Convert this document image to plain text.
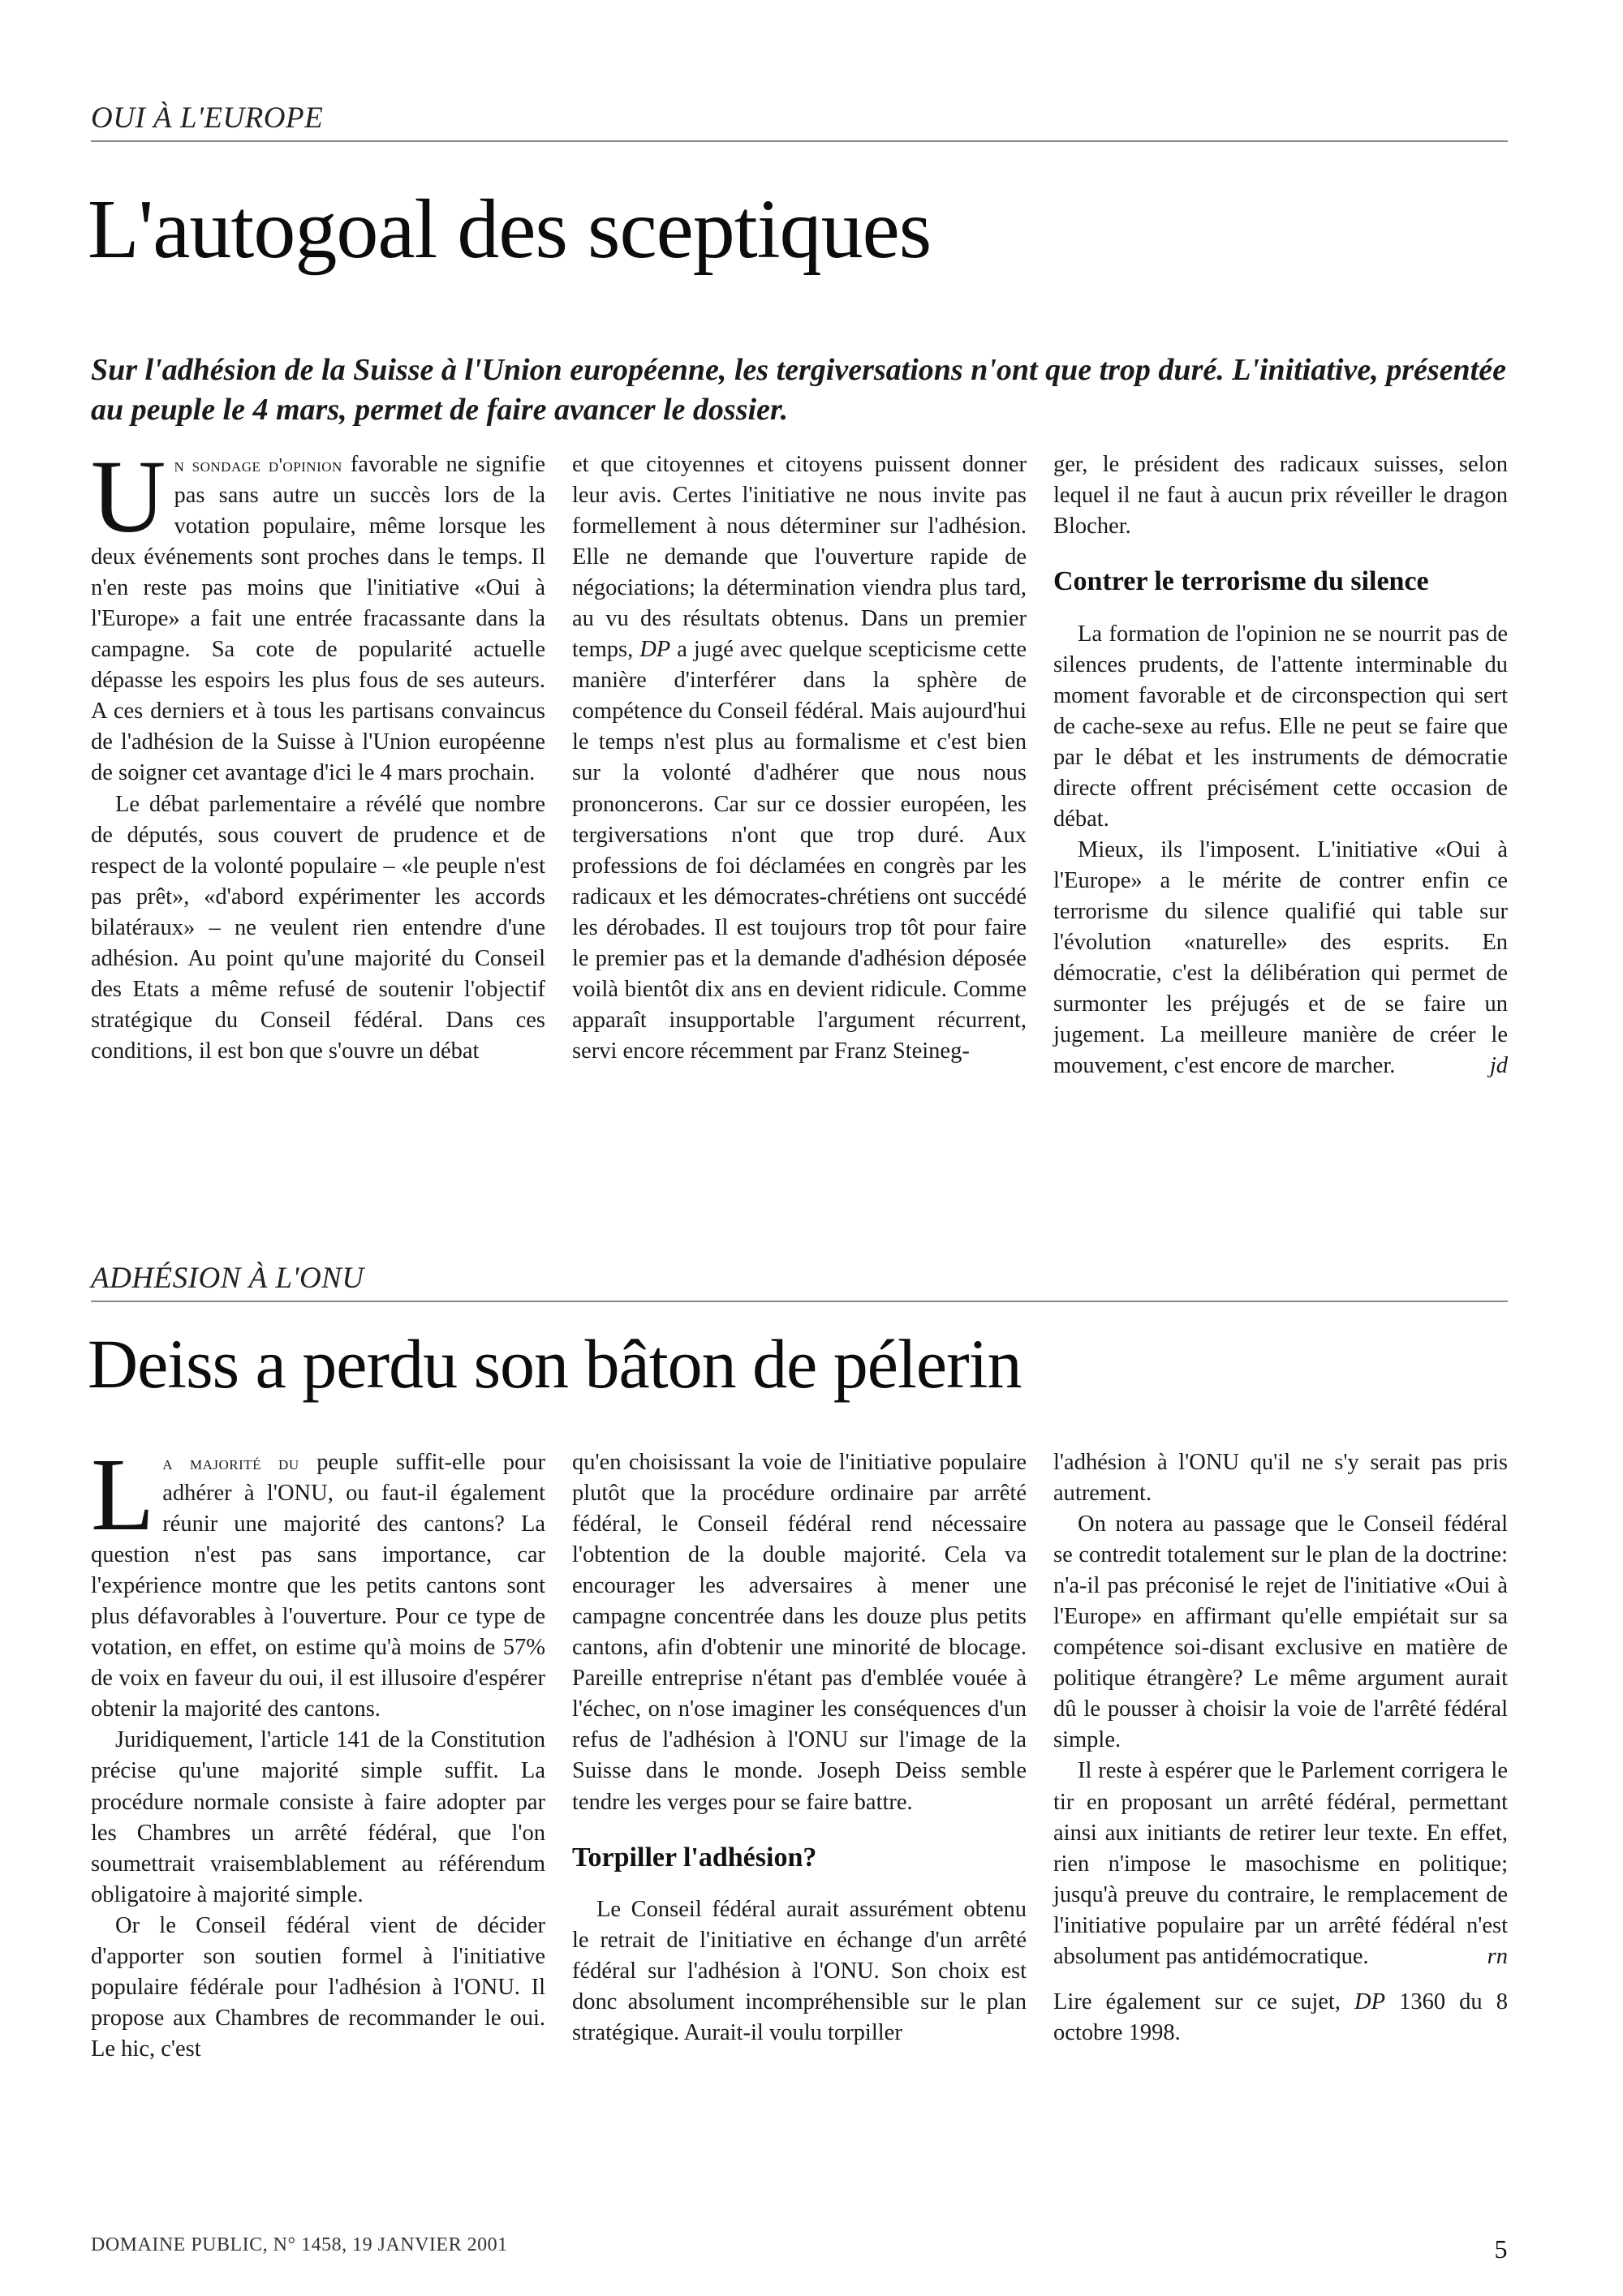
OUI À L'EUROPE
L'autogoal des sceptiques
Sur l'adhésion de la Suisse à l'Union européenne, les tergiversations n'ont que trop duré. L'initiative, présentée au peuple le 4 mars, permet de faire avancer le dossier.

Un sondage d'opinion favorable ne signifie pas sans autre un succès lors de la votation populaire, même lorsque les deux événements sont proches dans le temps. Il n'en reste pas moins que l'initiative «Oui à l'Europe» a fait une entrée fracassante dans la campagne. Sa cote de popularité actuelle dépasse les espoirs les plus fous de ses auteurs. A ces derniers et à tous les partisans convaincus de l'adhésion de la Suisse à l'Union européenne de soigner cet avantage d'ici le 4 mars prochain.

Le débat parlementaire a révélé que nombre de députés, sous couvert de prudence et de respect de la volonté populaire – «le peuple n'est pas prêt», «d'abord expérimenter les accords bilatéraux» – ne veulent rien entendre d'une adhésion. Au point qu'une majorité du Conseil des Etats a même refusé de soutenir l'objectif stratégique du Conseil fédéral. Dans ces conditions, il est bon que s'ouvre un débat

et que citoyennes et citoyens puissent donner leur avis. Certes l'initiative ne nous invite pas formellement à nous déterminer sur l'adhésion. Elle ne demande que l'ouverture rapide de négociations; la détermination viendra plus tard, au vu des résultats obtenus. Dans un premier temps, DP a jugé avec quelque scepticisme cette manière d'interférer dans la sphère de compétence du Conseil fédéral. Mais aujourd'hui le temps n'est plus au formalisme et c'est bien sur la volonté d'adhérer que nous nous prononcerons. Car sur ce dossier européen, les tergiversations n'ont que trop duré. Aux professions de foi déclamées en congrès par les radicaux et les démocrates-chrétiens ont succédé les dérobades. Il est toujours trop tôt pour faire le premier pas et la demande d'adhésion déposée voilà bientôt dix ans en devient ridicule. Comme apparaît insupportable l'argument récurrent, servi encore récemment par Franz Steineg-

ger, le président des radicaux suisses, selon lequel il ne faut à aucun prix réveiller le dragon Blocher.

Contrer le terrorisme du silence

La formation de l'opinion ne se nourrit pas de silences prudents, de l'attente interminable du moment favorable et de circonspection qui sert de cache-sexe au refus. Elle ne peut se faire que par le débat et les instruments de démocratie directe offrent précisément cette occasion de débat.

Mieux, ils l'imposent. L'initiative «Oui à l'Europe» a le mérite de contrer enfin ce terrorisme du silence qualifié qui table sur l'évolution «naturelle» des esprits. En démocratie, c'est la délibération qui permet de surmonter les préjugés et de se faire un jugement. La meilleure manière de créer le mouvement, c'est encore de marcher.	jd

ADHÉSION À L'ONU
Deiss a perdu son bâton de pélerin

La majorité du peuple suffit-elle pour adhérer à l'ONU, ou faut-il également réunir une majorité des cantons? La question n'est pas sans importance, car l'expérience montre que les petits cantons sont plus défavorables à l'ouverture. Pour ce type de votation, en effet, on estime qu'à moins de 57% de voix en faveur du oui, il est illusoire d'espérer obtenir la majorité des cantons.

Juridiquement, l'article 141 de la Constitution précise qu'une majorité simple suffit. La procédure normale consiste à faire adopter par les Chambres un arrêté fédéral, que l'on soumettrait vraisemblablement au référendum obligatoire à majorité simple.

Or le Conseil fédéral vient de décider d'apporter son soutien formel à l'initiative populaire fédérale pour l'adhésion à l'ONU. Il propose aux Chambres de recommander le oui. Le hic, c'est

qu'en choisissant la voie de l'initiative populaire plutôt que la procédure ordinaire par arrêté fédéral, le Conseil fédéral rend nécessaire l'obtention de la double majorité. Cela va encourager les adversaires à mener une campagne concentrée dans les douze plus petits cantons, afin d'obtenir une minorité de blocage. Pareille entreprise n'étant pas d'emblée vouée à l'échec, on n'ose imaginer les conséquences d'un refus de l'adhésion à l'ONU sur l'image de la Suisse dans le monde. Joseph Deiss semble tendre les verges pour se faire battre.

Torpiller l'adhésion?

Le Conseil fédéral aurait assurément obtenu le retrait de l'initiative en échange d'un arrêté fédéral sur l'adhésion à l'ONU. Son choix est donc absolument incompréhensible sur le plan stratégique. Aurait-il voulu torpiller

l'adhésion à l'ONU qu'il ne s'y serait pas pris autrement.

On notera au passage que le Conseil fédéral se contredit totalement sur le plan de la doctrine: n'a-il pas préconisé le rejet de l'initiative «Oui à l'Europe» en affirmant qu'elle empiétait sur sa compétence soi-disant exclusive en matière de politique étrangère? Le même argument aurait dû le pousser à choisir la voie de l'arrêté fédéral simple.

Il reste à espérer que le Parlement corrigera le tir en proposant un arrêté fédéral, permettant ainsi aux initiants de retirer leur texte. En effet, rien n'impose le masochisme en politique; jusqu'à preuve du contraire, le remplacement de l'initiative populaire par un arrêté fédéral n'est absolument pas antidémocratique.	rn

Lire également sur ce sujet, DP 1360 du 8 octobre 1998.

DOMAINE PUBLIC, N° 1458, 19 JANVIER 2001	5
